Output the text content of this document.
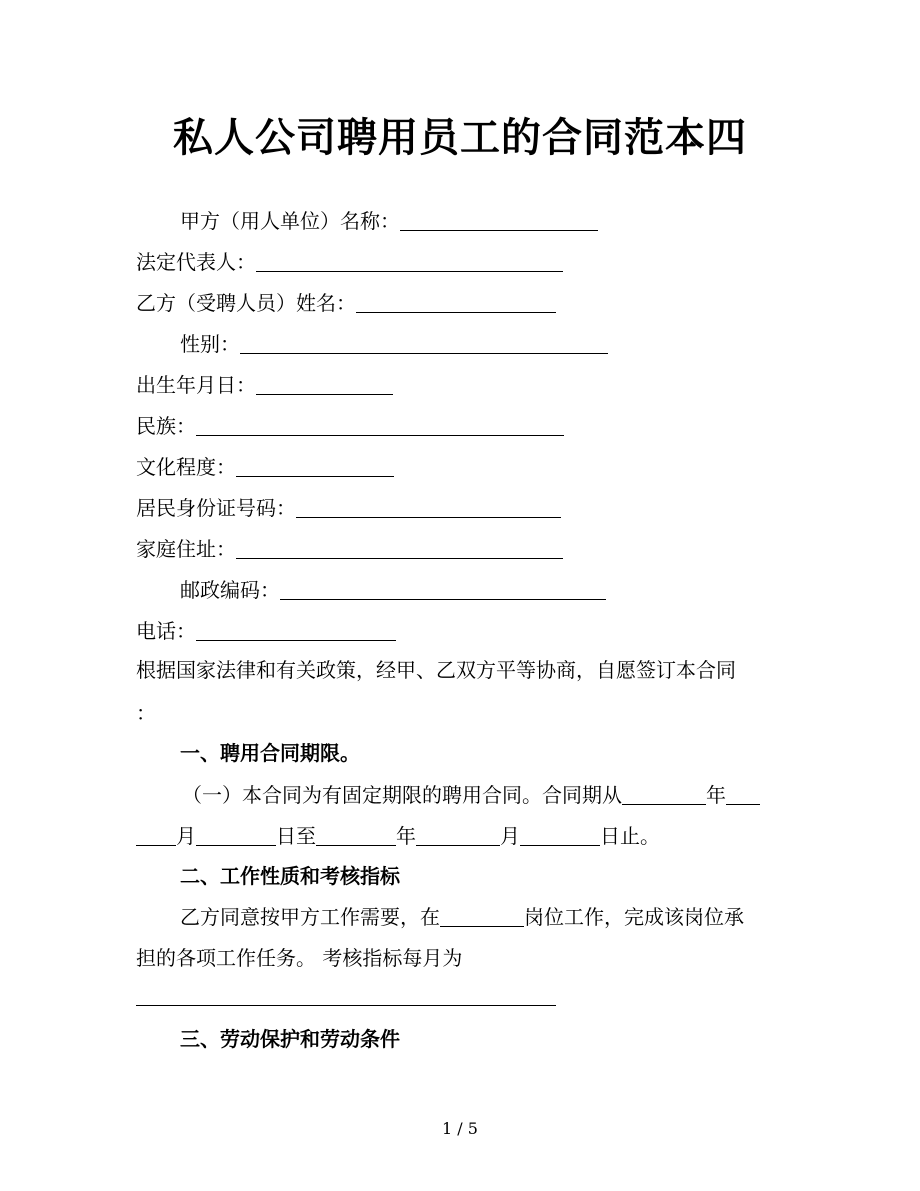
私人公司聘用员工的合同范本四
甲方（用人单位）名称：
法定代表人：
乙方（受聘人员）姓名：
性别：
出生年月日：
民族：
文化程度：
居民身份证号码：
家庭住址：
邮政编码：
电话：
根据国家法律和有关政策，经甲、乙双方平等协商，自愿签订本合同
：
一、聘用合同期限。
（一）本合同为有固定期限的聘用合同。合同期从	年
月	日至	年	月	日止。
二、工作性质和考核指标
乙方同意按甲方工作需要，在	岗位工作，完成该岗位承
担的各项工作任务。 考核指标每月为
三、劳动保护和劳动条件
1 / 5
